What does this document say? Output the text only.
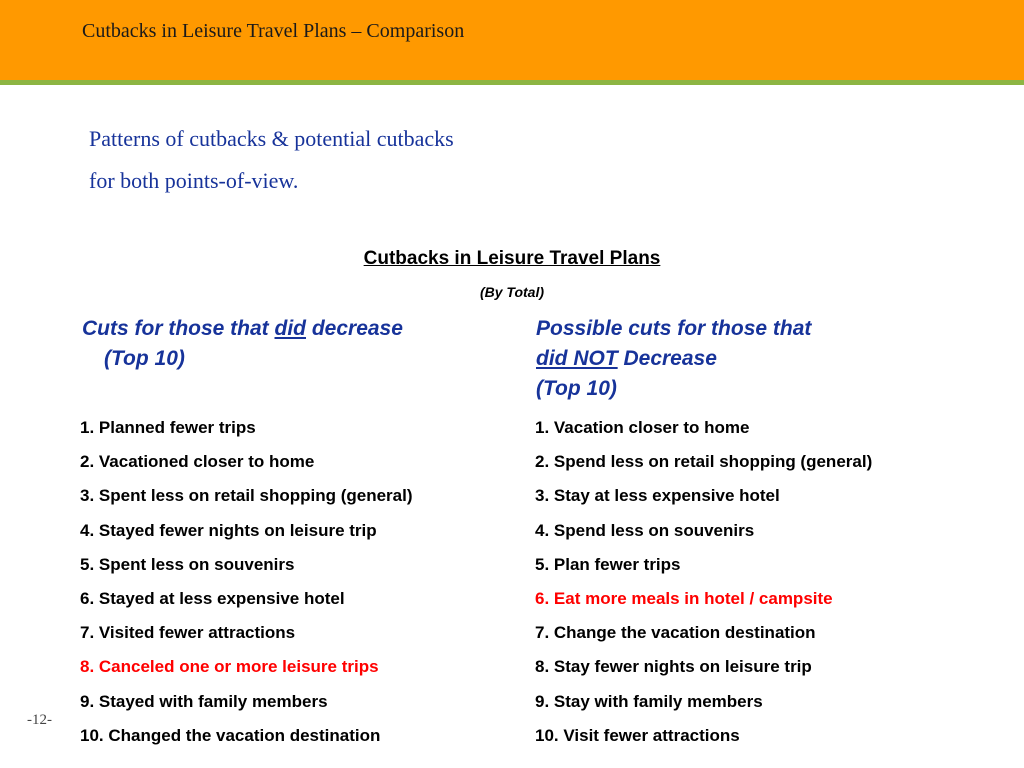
Cutbacks in Leisure Travel Plans – Comparison
Patterns of cutbacks & potential cutbacks
for both points-of-view.
Cutbacks in Leisure Travel Plans
(By Total)
Cuts for those that did decrease
(Top 10)
Possible cuts for those that
did NOT Decrease
(Top 10)
1. Planned fewer trips
2. Vacationed closer to home
3. Spent less on retail shopping (general)
4. Stayed fewer nights on leisure trip
5. Spent less on souvenirs
6. Stayed at less expensive hotel
7. Visited fewer attractions
8. Canceled one or more leisure trips
9. Stayed with family members
10. Changed the vacation destination
1. Vacation closer to home
2. Spend less on retail shopping (general)
3. Stay at less expensive hotel
4. Spend less on souvenirs
5. Plan fewer trips
6. Eat more meals in hotel / campsite
7. Change the vacation destination
8. Stay fewer nights on leisure trip
9. Stay with family members
10. Visit fewer attractions
-12-
